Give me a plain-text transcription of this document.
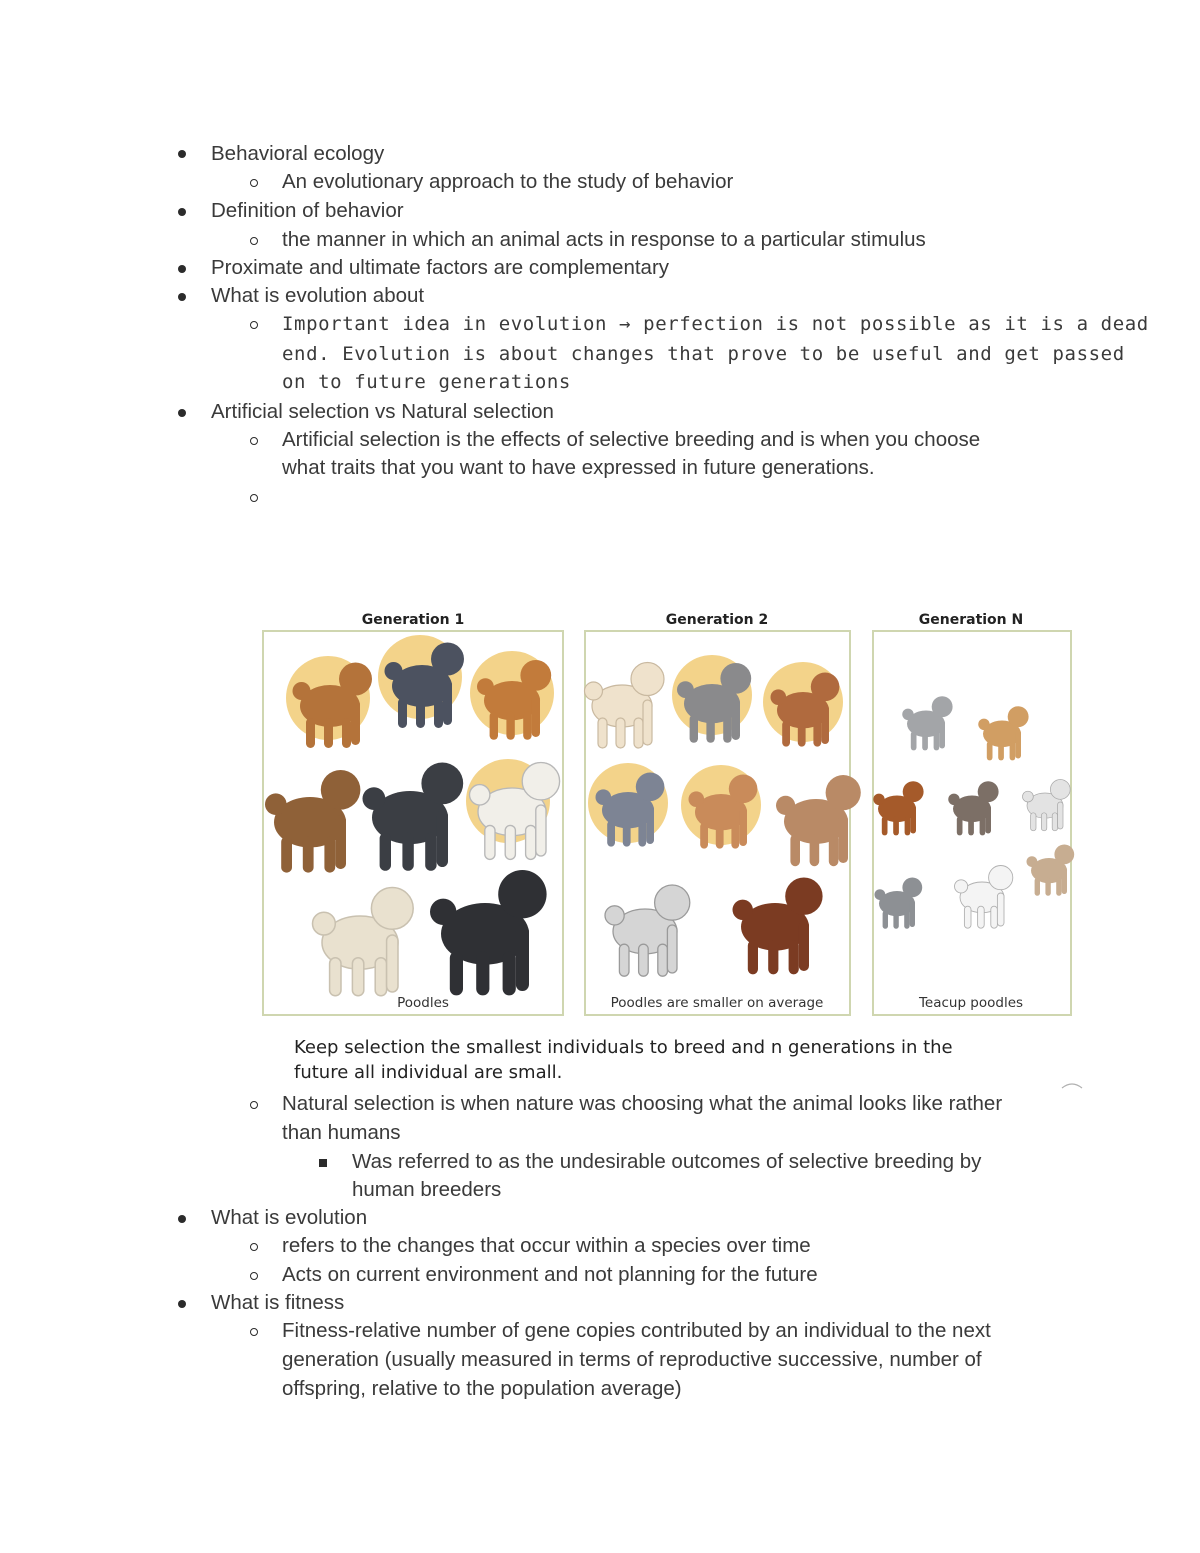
Behavioral ecology
An evolutionary approach to the study of behavior
Definition of behavior
the manner in which an animal acts in response to a particular stimulus
Proximate and ultimate factors are complementary
What is evolution about
Important idea in evolution → perfection is not possible as it is a dead
end. Evolution is about changes that prove to be useful and get passed
on to future generations
Artificial selection vs Natural selection
Artificial selection is the effects of selective breeding and is when you choose
what traits that you want to have expressed in future generations.
Generation 1	Generation 2	Generation N
Poodles	Poodles are smaller on average	Teacup poodles
Keep selection the smallest individuals to breed and n generations in the
future all individual are small.
Natural selection is when nature was choosing what the animal looks like rather
than humans
Was referred to as the undesirable outcomes of selective breeding by
human breeders
What is evolution
refers to the changes that occur within a species over time
Acts on current environment and not planning for the future
What is fitness
Fitness-relative number of gene copies contributed by an individual to the next
generation (usually measured in terms of reproductive successive, number of
offspring, relative to the population average)
